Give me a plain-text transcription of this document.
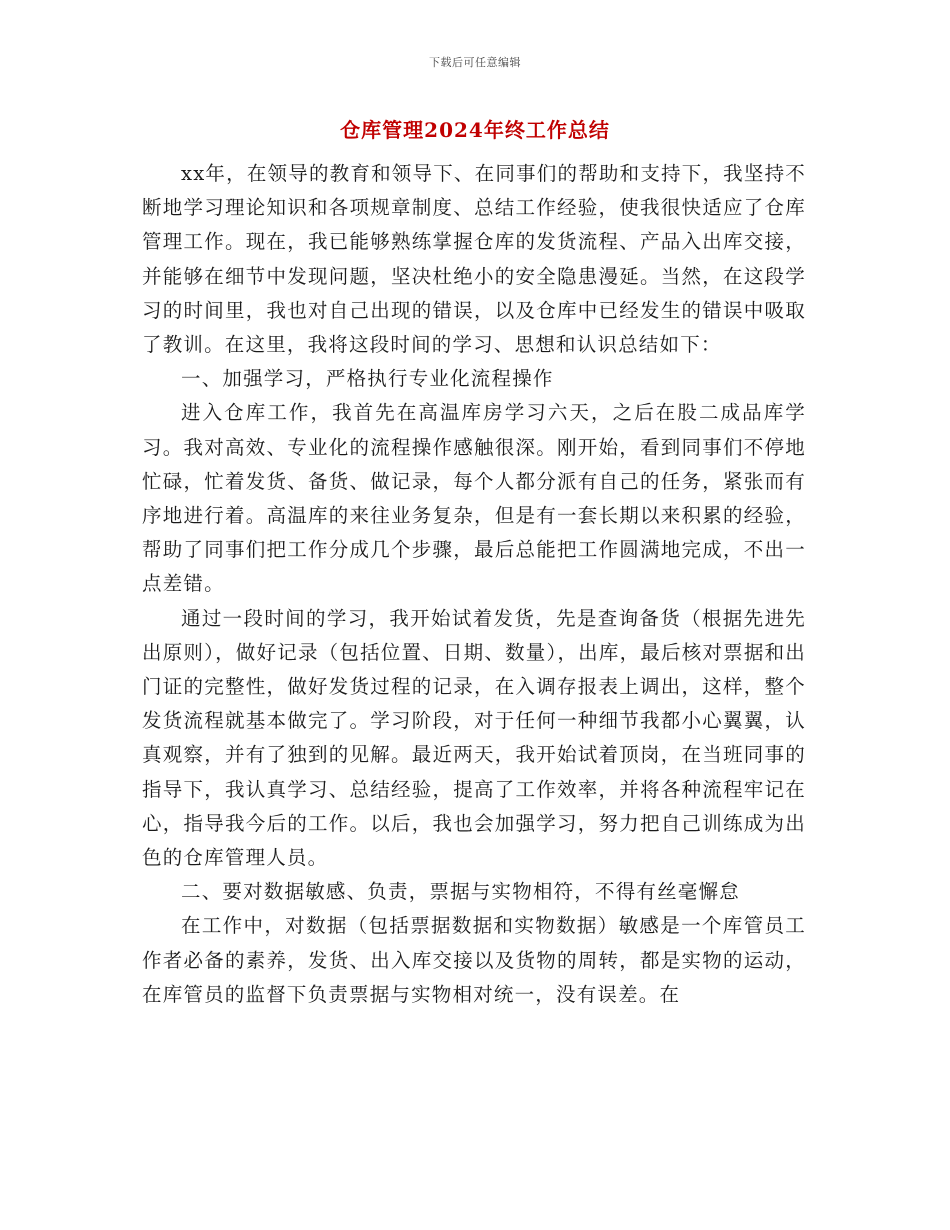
下载后可任意编辑
仓库管理2024年终工作总结

xx年，在领导的教育和领导下、在同事们的帮助和支持下，我坚持不断地学习理论知识和各项规章制度、总结工作经验，使我很快适应了仓库管理工作。现在，我已能够熟练掌握仓库的发货流程、产品入出库交接，并能够在细节中发现问题，坚决杜绝小的安全隐患漫延。当然，在这段学习的时间里，我也对自己出现的错误，以及仓库中已经发生的错误中吸取了教训。在这里，我将这段时间的学习、思想和认识总结如下：

一、加强学习，严格执行专业化流程操作

进入仓库工作，我首先在高温库房学习六天，之后在股二成品库学习。我对高效、专业化的流程操作感触很深。刚开始，看到同事们不停地忙碌，忙着发货、备货、做记录，每个人都分派有自己的任务，紧张而有序地进行着。高温库的来往业务复杂，但是有一套长期以来积累的经验，帮助了同事们把工作分成几个步骤，最后总能把工作圆满地完成，不出一点差错。

通过一段时间的学习，我开始试着发货，先是查询备货（根据先进先出原则），做好记录（包括位置、日期、数量），出库，最后核对票据和出门证的完整性，做好发货过程的记录，在入调存报表上调出，这样，整个发货流程就基本做完了。学习阶段，对于任何一种细节我都小心翼翼，认真观察，并有了独到的见解。最近两天，我开始试着顶岗，在当班同事的指导下，我认真学习、总结经验，提高了工作效率，并将各种流程牢记在心，指导我今后的工作。以后，我也会加强学习，努力把自己训练成为出色的仓库管理人员。

二、要对数据敏感、负责，票据与实物相符，不得有丝毫懈怠

在工作中，对数据（包括票据数据和实物数据）敏感是一个库管员工作者必备的素养，发货、出入库交接以及货物的周转，都是实物的运动，在库管员的监督下负责票据与实物相对统一，没有误差。在
